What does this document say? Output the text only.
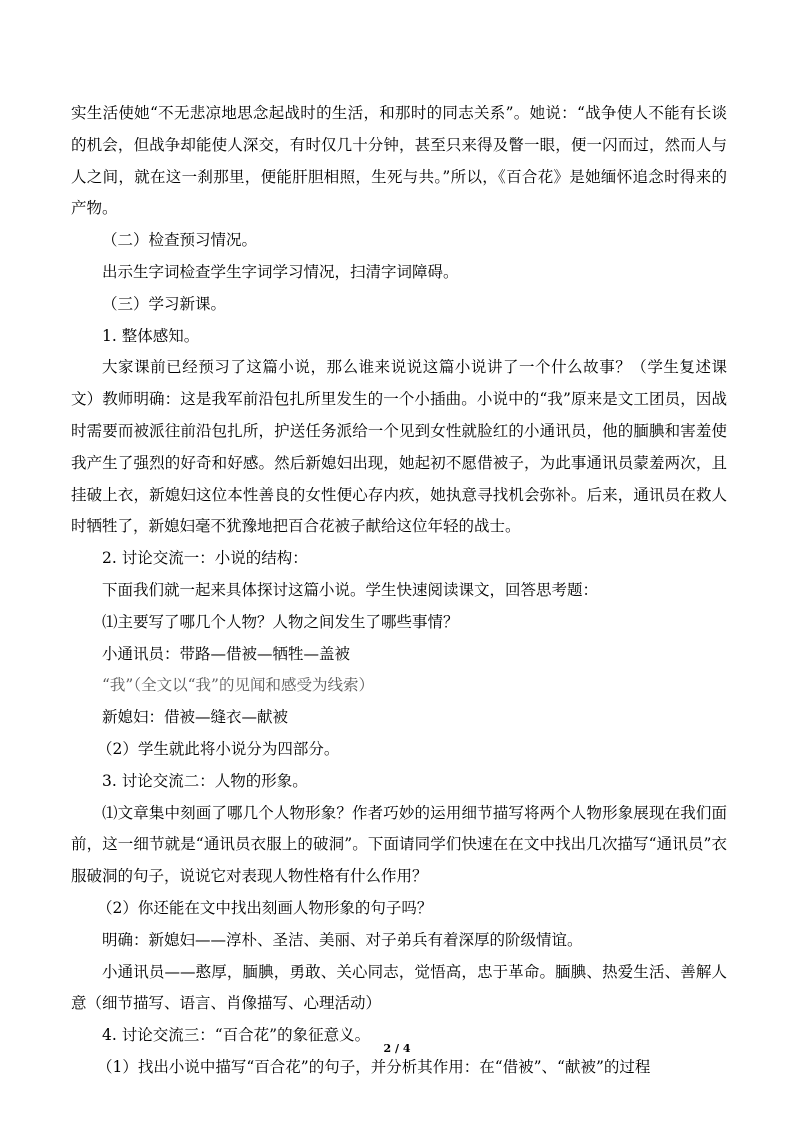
实生活使她“不无悲凉地思念起战时的生活，和那时的同志关系”。她说：“战争使人不能有长谈的机会，但战争却能使人深交，有时仅几十分钟，甚至只来得及瞥一眼，便一闪而过，然而人与人之间，就在这一刹那里，便能肝胆相照，生死与共。”所以，《百合花》是她缅怀追念时得来的产物。

（二）检查预习情况。

出示生字词检查学生字词学习情况，扫清字词障碍。

（三）学习新课。

1. 整体感知。

大家课前已经预习了这篇小说，那么谁来说说这篇小说讲了一个什么故事？（学生复述课文）教师明确：这是我军前沿包扎所里发生的一个小插曲。小说中的“我”原来是文工团员，因战时需要而被派往前沿包扎所，护送任务派给一个见到女性就脸红的小通讯员，他的腼腆和害羞使我产生了强烈的好奇和好感。然后新媳妇出现，她起初不愿借被子，为此事通讯员蒙羞两次，且挂破上衣，新媳妇这位本性善良的女性便心存内疚，她执意寻找机会弥补。后来，通讯员在救人时牺牲了，新媳妇毫不犹豫地把百合花被子献给这位年轻的战士。

2. 讨论交流一：小说的结构：

下面我们就一起来具体探讨这篇小说。学生快速阅读课文，回答思考题：

⑴主要写了哪几个人物？人物之间发生了哪些事情？

小通讯员：带路—借被—牺牲—盖被

“我”（全文以“我”的见闻和感受为线索）

新媳妇：借被—缝衣—献被

（2）学生就此将小说分为四部分。

3. 讨论交流二：人物的形象。

⑴文章集中刻画了哪几个人物形象？作者巧妙的运用细节描写将两个人物形象展现在我们面前，这一细节就是“通讯员衣服上的破洞”。下面请同学们快速在在文中找出几次描写“通讯员”衣服破洞的句子，说说它对表现人物性格有什么作用？

（2）你还能在文中找出刻画人物形象的句子吗？

明确：新媳妇——淳朴、圣洁、美丽、对子弟兵有着深厚的阶级情谊。

小通讯员——憨厚，腼腆，勇敢、关心同志，觉悟高，忠于革命。腼腆、热爱生活、善解人意（细节描写、语言、肖像描写、心理活动）

4. 讨论交流三：“百合花”的象征意义。

（1）找出小说中描写“百合花”的句子，并分析其作用：在“借被”、“献被”的过程

2 / 4
